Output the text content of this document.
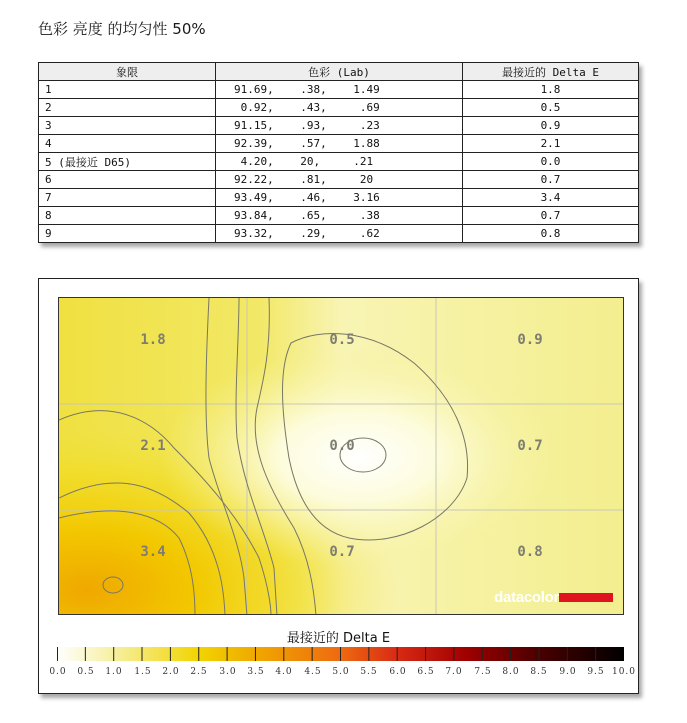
色彩 亮度 的均匀性 50%
象限	色彩 (Lab)	最接近的 Delta E
1	91.69,    .38,    1.49	1.8
2	0.92,    .43,     .69	0.5
3	91.15,    .93,     .23	0.9
4	92.39,    .57,    1.88	2.1
5 (最接近 D65)	4.20,    20,     .21	0.0
6	92.22,    .81,     20	0.7
7	93.49,    .46,    3.16	3.4
8	93.84,    .65,     .38	0.7
9	93.32,    .29,     .62	0.8
1.8	0.5	0.9
2.1	0.0	0.7
3.4	0.7	0.8
datacolor
最接近的 Delta E
0.0 0.5 1.0 1.5 2.0 2.5 3.0 3.5 4.0 4.5 5.0 5.5 6.0 6.5 7.0 7.5 8.0 8.5 9.0 9.5 10.0
